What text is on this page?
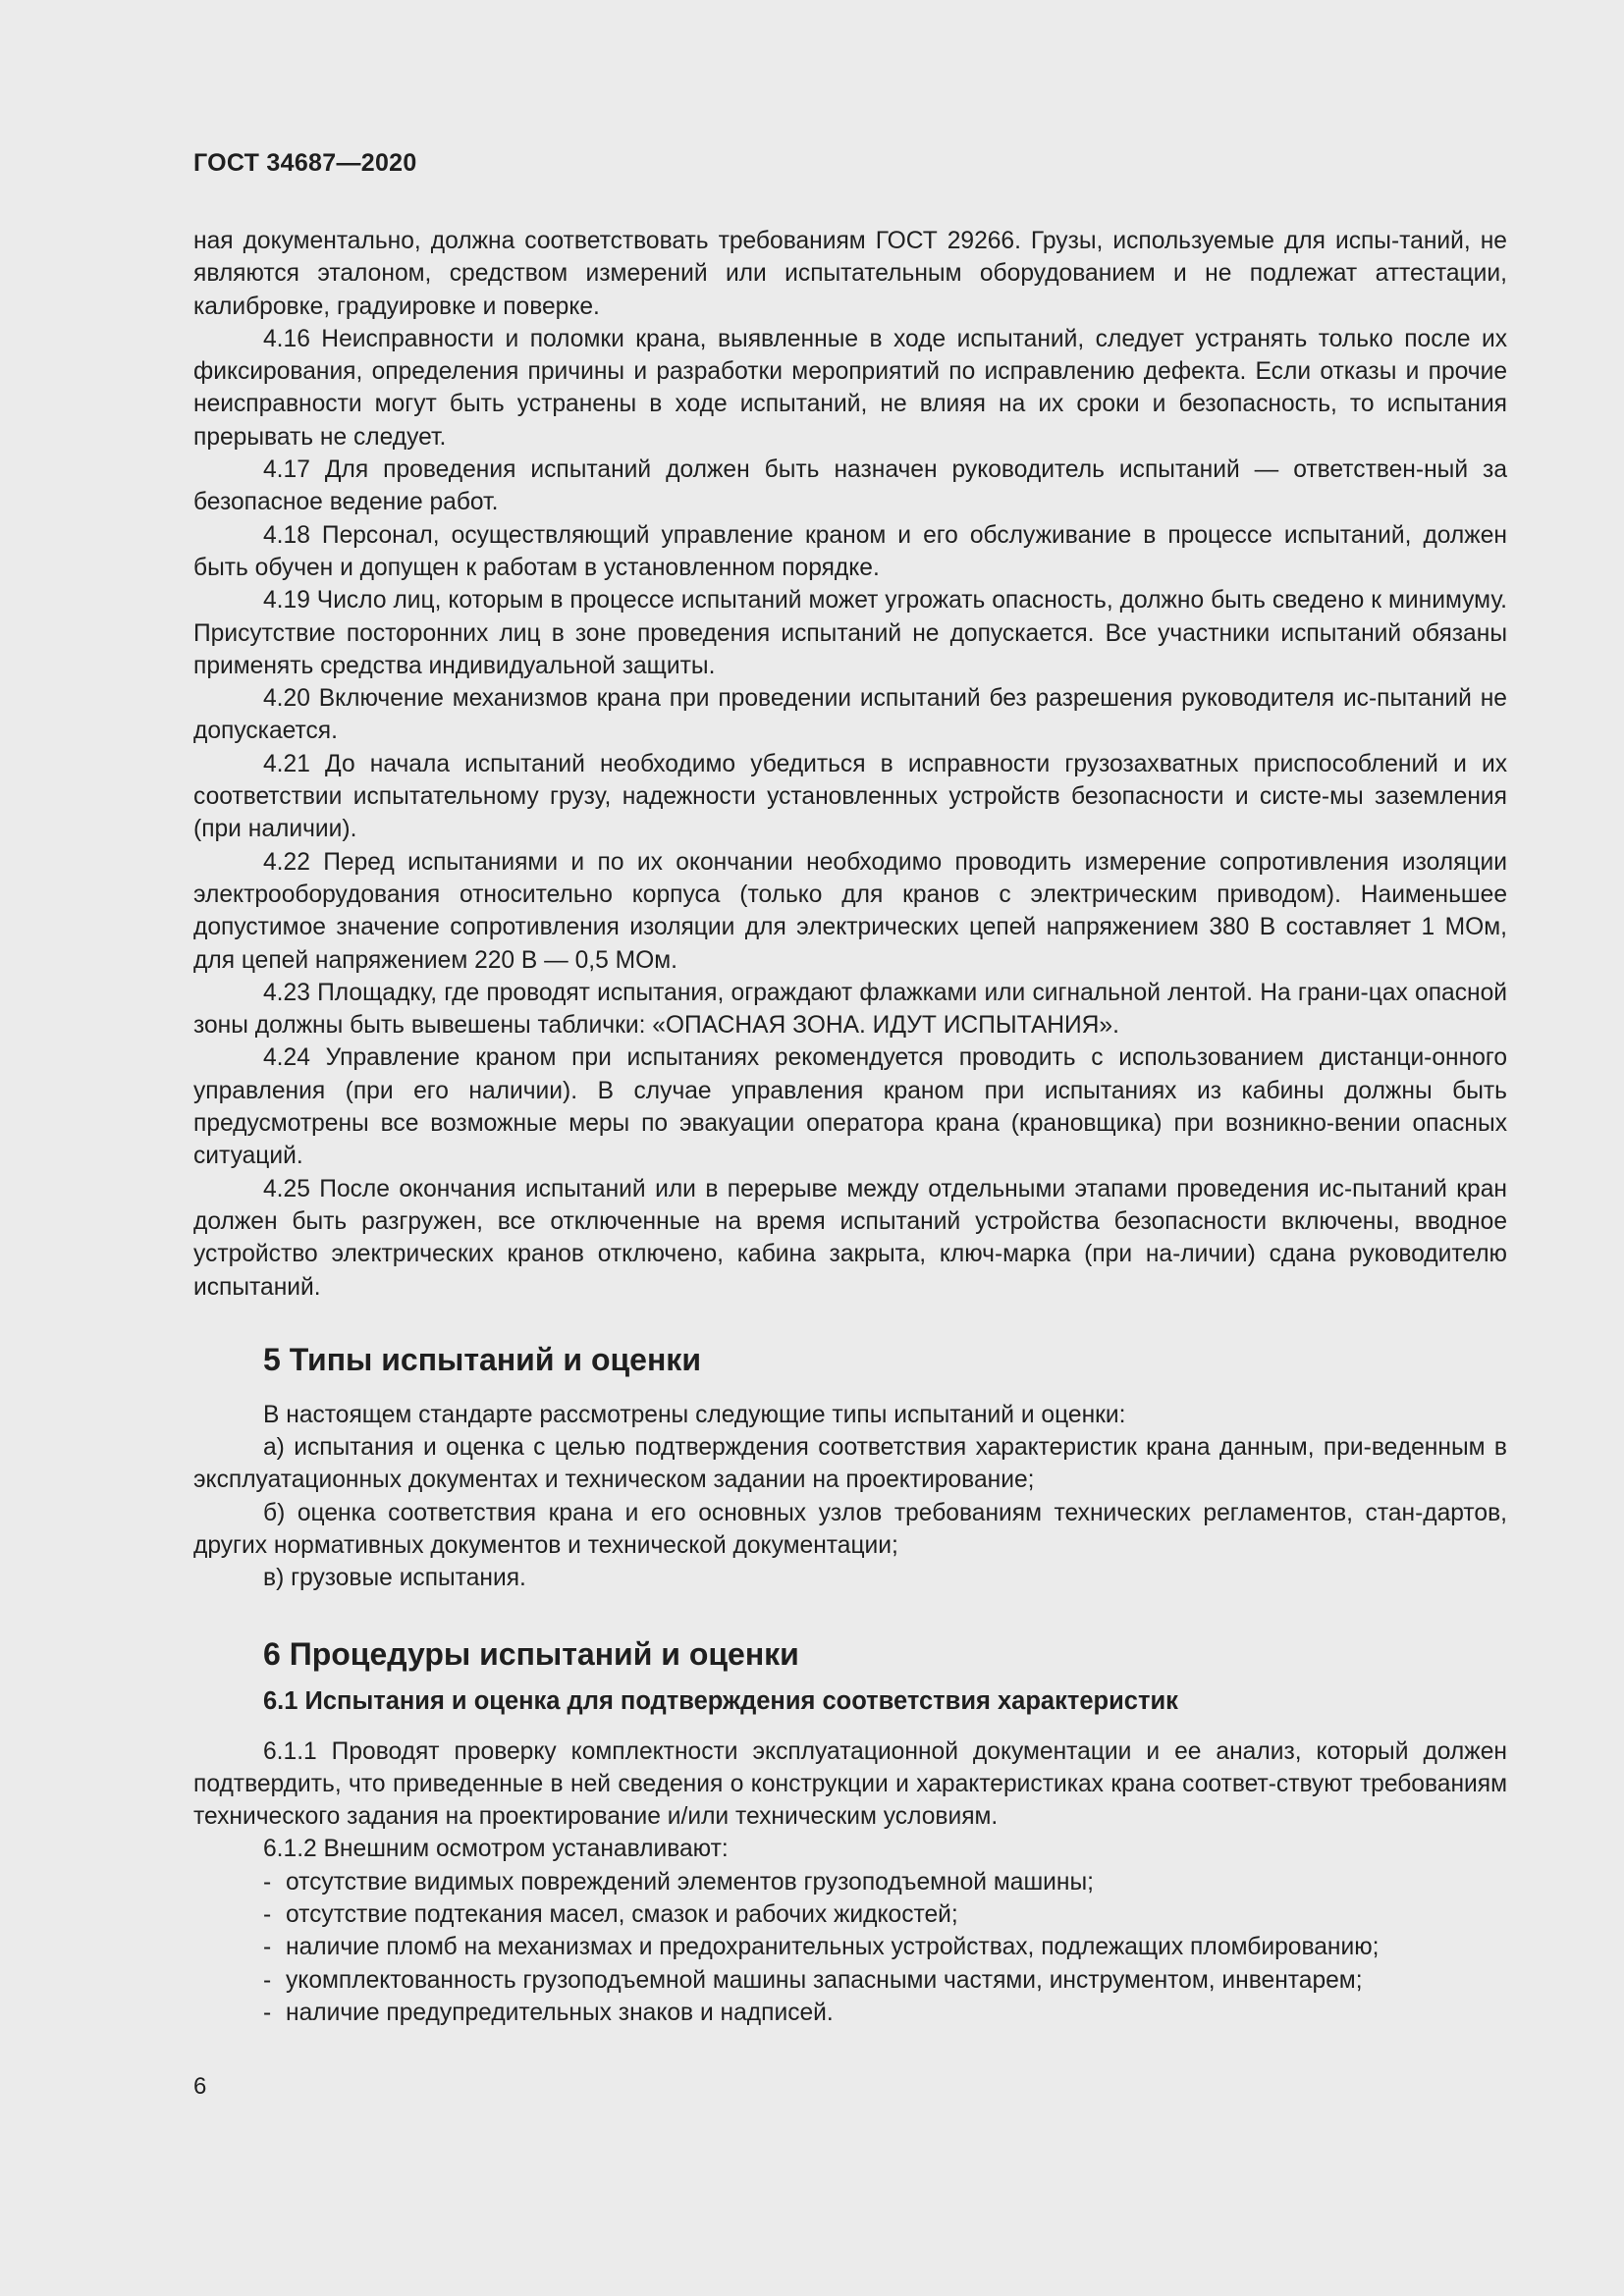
ГОСТ 34687—2020

ная документально, должна соответствовать требованиям ГОСТ 29266. Грузы, используемые для испы-таний, не являются эталоном, средством измерений или испытательным оборудованием и не подлежат аттестации, калибровке, градуировке и поверке.

4.16 Неисправности и поломки крана, выявленные в ходе испытаний, следует устранять только после их фиксирования, определения причины и разработки мероприятий по исправлению дефекта. Если отказы и прочие неисправности могут быть устранены в ходе испытаний, не влияя на их сроки и безопасность, то испытания прерывать не следует.

4.17 Для проведения испытаний должен быть назначен руководитель испытаний — ответствен-ный за безопасное ведение работ.

4.18 Персонал, осуществляющий управление краном и его обслуживание в процессе испытаний, должен быть обучен и допущен к работам в установленном порядке.

4.19 Число лиц, которым в процессе испытаний может угрожать опасность, должно быть сведено к минимуму. Присутствие посторонних лиц в зоне проведения испытаний не допускается. Все участники испытаний обязаны применять средства индивидуальной защиты.

4.20 Включение механизмов крана при проведении испытаний без разрешения руководителя ис-пытаний не допускается.

4.21 До начала испытаний необходимо убедиться в исправности грузозахватных приспособлений и их соответствии испытательному грузу, надежности установленных устройств безопасности и систе-мы заземления (при наличии).

4.22 Перед испытаниями и по их окончании необходимо проводить измерение сопротивления изоляции электрооборудования относительно корпуса (только для кранов с электрическим приводом). Наименьшее допустимое значение сопротивления изоляции для электрических цепей напряжением 380 В составляет 1 МОм, для цепей напряжением 220 В — 0,5 МОм.

4.23 Площадку, где проводят испытания, ограждают флажками или сигнальной лентой. На грани-цах опасной зоны должны быть вывешены таблички: «ОПАСНАЯ ЗОНА. ИДУТ ИСПЫТАНИЯ».

4.24 Управление краном при испытаниях рекомендуется проводить с использованием дистанци-онного управления (при его наличии). В случае управления краном при испытаниях из кабины должны быть предусмотрены все возможные меры по эвакуации оператора крана (крановщика) при возникно-вении опасных ситуаций.

4.25 После окончания испытаний или в перерыве между отдельными этапами проведения ис-пытаний кран должен быть разгружен, все отключенные на время испытаний устройства безопасности включены, вводное устройство электрических кранов отключено, кабина закрыта, ключ-марка (при на-личии) сдана руководителю испытаний.

5 Типы испытаний и оценки

В настоящем стандарте рассмотрены следующие типы испытаний и оценки:

а) испытания и оценка с целью подтверждения соответствия характеристик крана данным, при-веденным в эксплуатационных документах и техническом задании на проектирование;

б) оценка соответствия крана и его основных узлов требованиям технических регламентов, стан-дартов, других нормативных документов и технической документации;

в) грузовые испытания.

6 Процедуры испытаний и оценки
6.1 Испытания и оценка для подтверждения соответствия характеристик

6.1.1 Проводят проверку комплектности эксплуатационной документации и ее анализ, который должен подтвердить, что приведенные в ней сведения о конструкции и характеристиках крана соответ-ствуют требованиям технического задания на проектирование и/или техническим условиям.

6.1.2 Внешним осмотром устанавливают:

- отсутствие видимых повреждений элементов грузоподъемной машины;
- отсутствие подтекания масел, смазок и рабочих жидкостей;
- наличие пломб на механизмах и предохранительных устройствах, подлежащих пломбированию;
- укомплектованность грузоподъемной машины запасными частями, инструментом, инвентарем;
- наличие предупредительных знаков и надписей.
6
